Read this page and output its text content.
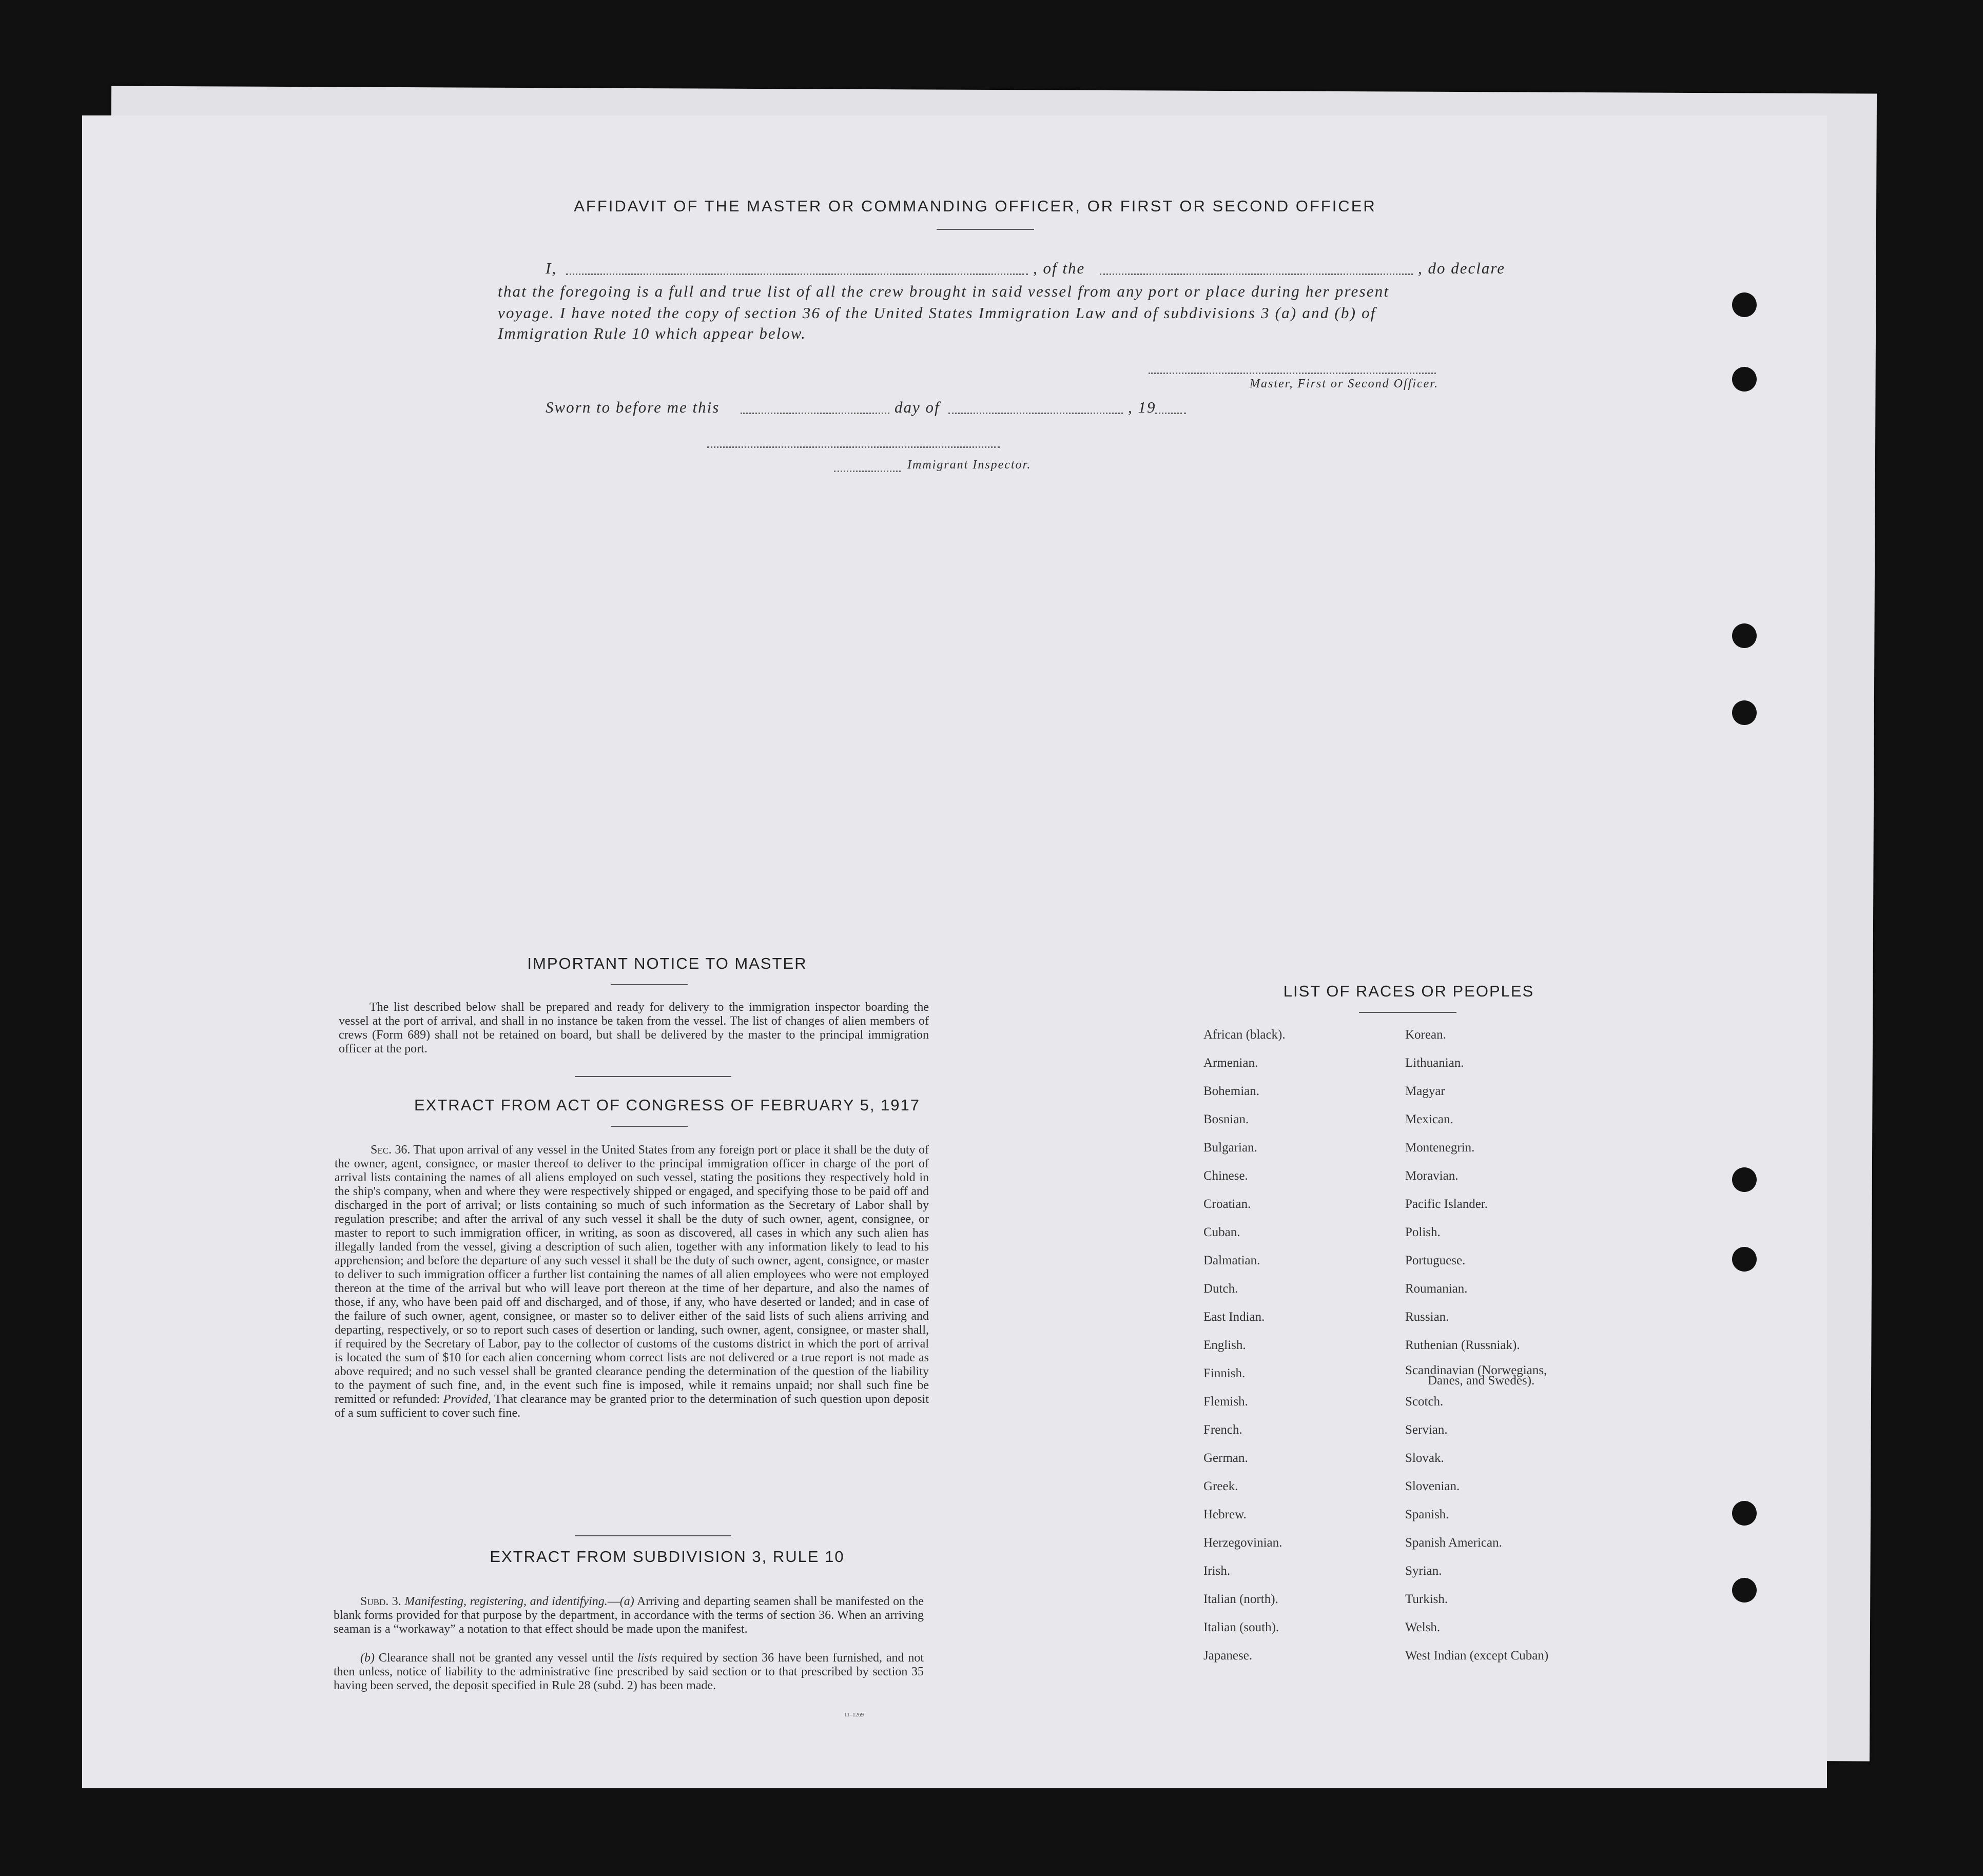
AFFIDAVIT OF THE MASTER OR COMMANDING OFFICER, OR FIRST OR SECOND OFFICER
I,	, of the	, do declare
that the foregoing is a full and true list of all the crew brought in said vessel from any port or place during her present
voyage. I have noted the copy of section 36 of the United States Immigration Law and of subdivisions 3 (a) and (b) of
Immigration Rule 10 which appear below.
Master, First or Second Officer.
Sworn to before me this	day of	, 19
Immigrant Inspector.
IMPORTANT NOTICE TO MASTER
The list described below shall be prepared and ready for delivery to the immigration inspector boarding the vessel at the port of arrival, and shall in no instance be taken from the vessel. The list of changes of alien members of crews (Form 689) shall not be retained on board, but shall be delivered by the master to the principal immigration officer at the port.
EXTRACT FROM ACT OF CONGRESS OF FEBRUARY 5, 1917
Sec. 36. That upon arrival of any vessel in the United States from any foreign port or place it shall be the duty of the owner, agent, consignee, or master thereof to deliver to the principal immigration officer in charge of the port of arrival lists containing the names of all aliens employed on such vessel, stating the positions they respectively hold in the ship's company, when and where they were respectively shipped or engaged, and specifying those to be paid off and discharged in the port of arrival; or lists containing so much of such information as the Secretary of Labor shall by regulation prescribe; and after the arrival of any such vessel it shall be the duty of such owner, agent, consignee, or master to report to such immigration officer, in writing, as soon as discovered, all cases in which any such alien has illegally landed from the vessel, giving a description of such alien, together with any information likely to lead to his apprehension; and before the departure of any such vessel it shall be the duty of such owner, agent, consignee, or master to deliver to such immigration officer a further list containing the names of all alien employees who were not employed thereon at the time of the arrival but who will leave port thereon at the time of her departure, and also the names of those, if any, who have been paid off and discharged, and of those, if any, who have deserted or landed; and in case of the failure of such owner, agent, consignee, or master so to deliver either of the said lists of such aliens arriving and departing, respectively, or so to report such cases of desertion or landing, such owner, agent, consignee, or master shall, if required by the Secretary of Labor, pay to the collector of customs of the customs district in which the port of arrival is located the sum of $10 for each alien concerning whom correct lists are not delivered or a true report is not made as above required; and no such vessel shall be granted clearance pending the determination of the question of the liability to the payment of such fine, and, in the event such fine is imposed, while it remains unpaid; nor shall such fine be remitted or refunded: Provided, That clearance may be granted prior to the determination of such question upon deposit of a sum sufficient to cover such fine.
EXTRACT FROM SUBDIVISION 3, RULE 10
Subd. 3. Manifesting, registering, and identifying.—(a) Arriving and departing seamen shall be manifested on the blank forms provided for that purpose by the department, in accordance with the terms of section 36. When an arriving seaman is a “workaway” a notation to that effect should be made upon the manifest.
(b) Clearance shall not be granted any vessel until the lists required by section 36 have been furnished, and not then unless, notice of liability to the administrative fine prescribed by said section or to that prescribed by section 35 having been served, the deposit specified in Rule 28 (subd. 2) has been made.
11–1269
LIST OF RACES OR PEOPLES
African (black).
Armenian.
Bohemian.
Bosnian.
Bulgarian.
Chinese.
Croatian.
Cuban.
Dalmatian.
Dutch.
East Indian.
English.
Finnish.
Flemish.
French.
German.
Greek.
Hebrew.
Herzegovinian.
Irish.
Italian (north).
Italian (south).
Japanese.
Korean.
Lithuanian.
Magyar
Mexican.
Montenegrin.
Moravian.
Pacific Islander.
Polish.
Portuguese.
Roumanian.
Russian.
Ruthenian (Russniak).
Scandinavian (Norwegians,
Danes, and Swedes).
Scotch.
Servian.
Slovak.
Slovenian.
Spanish.
Spanish American.
Syrian.
Turkish.
Welsh.
West Indian (except Cuban)
